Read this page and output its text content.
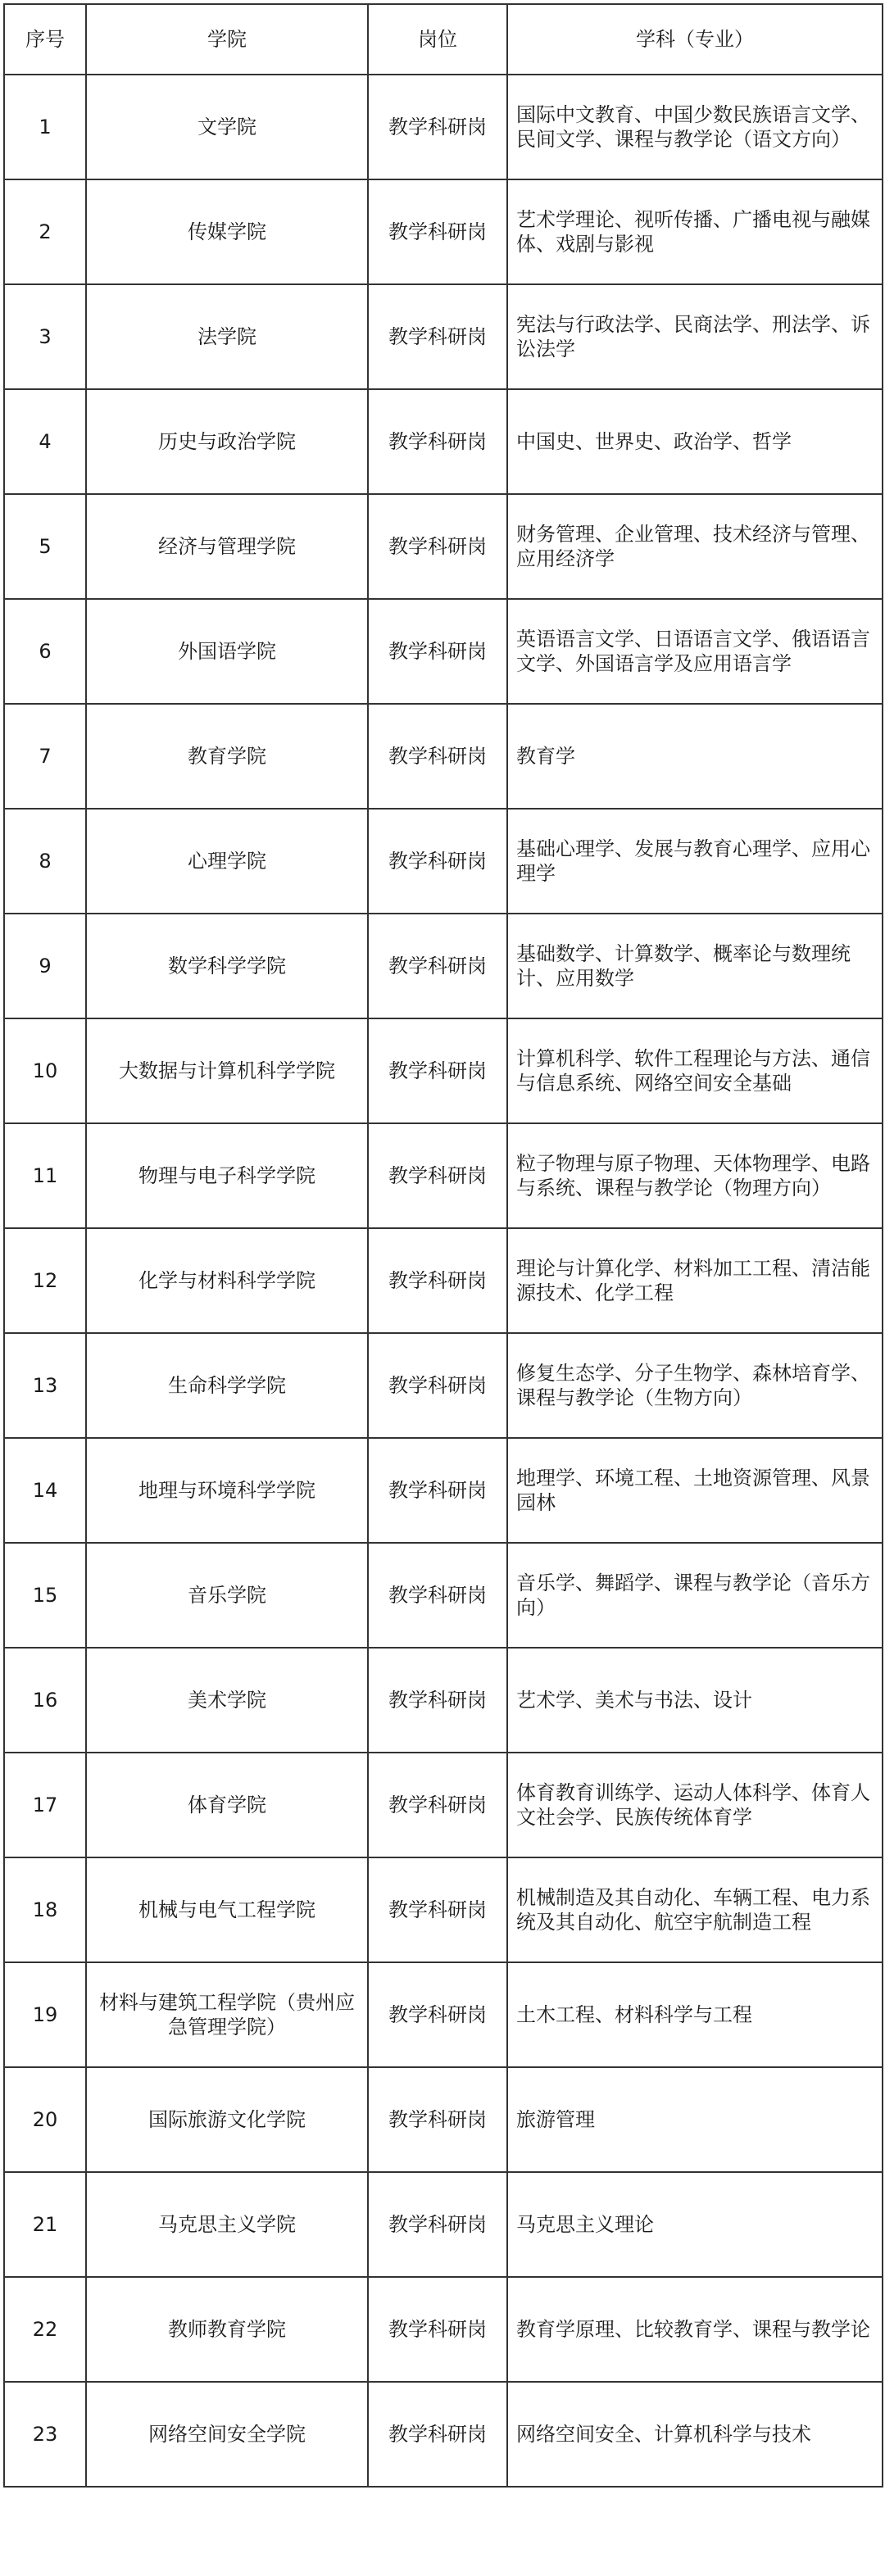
序号	学院	岗位	学科（专业）
1	文学院	教学科研岗	国际中文教育、中国少数民族语言文学、民间文学、课程与教学论（语文方向）
2	传媒学院	教学科研岗	艺术学理论、视听传播、广播电视与融媒体、戏剧与影视
3	法学院	教学科研岗	宪法与行政法学、民商法学、刑法学、诉讼法学
4	历史与政治学院	教学科研岗	中国史、世界史、政治学、哲学
5	经济与管理学院	教学科研岗	财务管理、企业管理、技术经济与管理、应用经济学
6	外国语学院	教学科研岗	英语语言文学、日语语言文学、俄语语言文学、外国语言学及应用语言学
7	教育学院	教学科研岗	教育学
8	心理学院	教学科研岗	基础心理学、发展与教育心理学、应用心理学
9	数学科学学院	教学科研岗	基础数学、计算数学、概率论与数理统计、应用数学
10	大数据与计算机科学学院	教学科研岗	计算机科学、软件工程理论与方法、通信与信息系统、网络空间安全基础
11	物理与电子科学学院	教学科研岗	粒子物理与原子物理、天体物理学、电路与系统、课程与教学论（物理方向）
12	化学与材料科学学院	教学科研岗	理论与计算化学、材料加工工程、清洁能源技术、化学工程
13	生命科学学院	教学科研岗	修复生态学、分子生物学、森林培育学、课程与教学论（生物方向）
14	地理与环境科学学院	教学科研岗	地理学、环境工程、土地资源管理、风景园林
15	音乐学院	教学科研岗	音乐学、舞蹈学、课程与教学论（音乐方向）
16	美术学院	教学科研岗	艺术学、美术与书法、设计
17	体育学院	教学科研岗	体育教育训练学、运动人体科学、体育人文社会学、民族传统体育学
18	机械与电气工程学院	教学科研岗	机械制造及其自动化、车辆工程、电力系统及其自动化、航空宇航制造工程
19	材料与建筑工程学院（贵州应急管理学院）	教学科研岗	土木工程、材料科学与工程
20	国际旅游文化学院	教学科研岗	旅游管理
21	马克思主义学院	教学科研岗	马克思主义理论
22	教师教育学院	教学科研岗	教育学原理、比较教育学、课程与教学论
23	网络空间安全学院	教学科研岗	网络空间安全、计算机科学与技术
